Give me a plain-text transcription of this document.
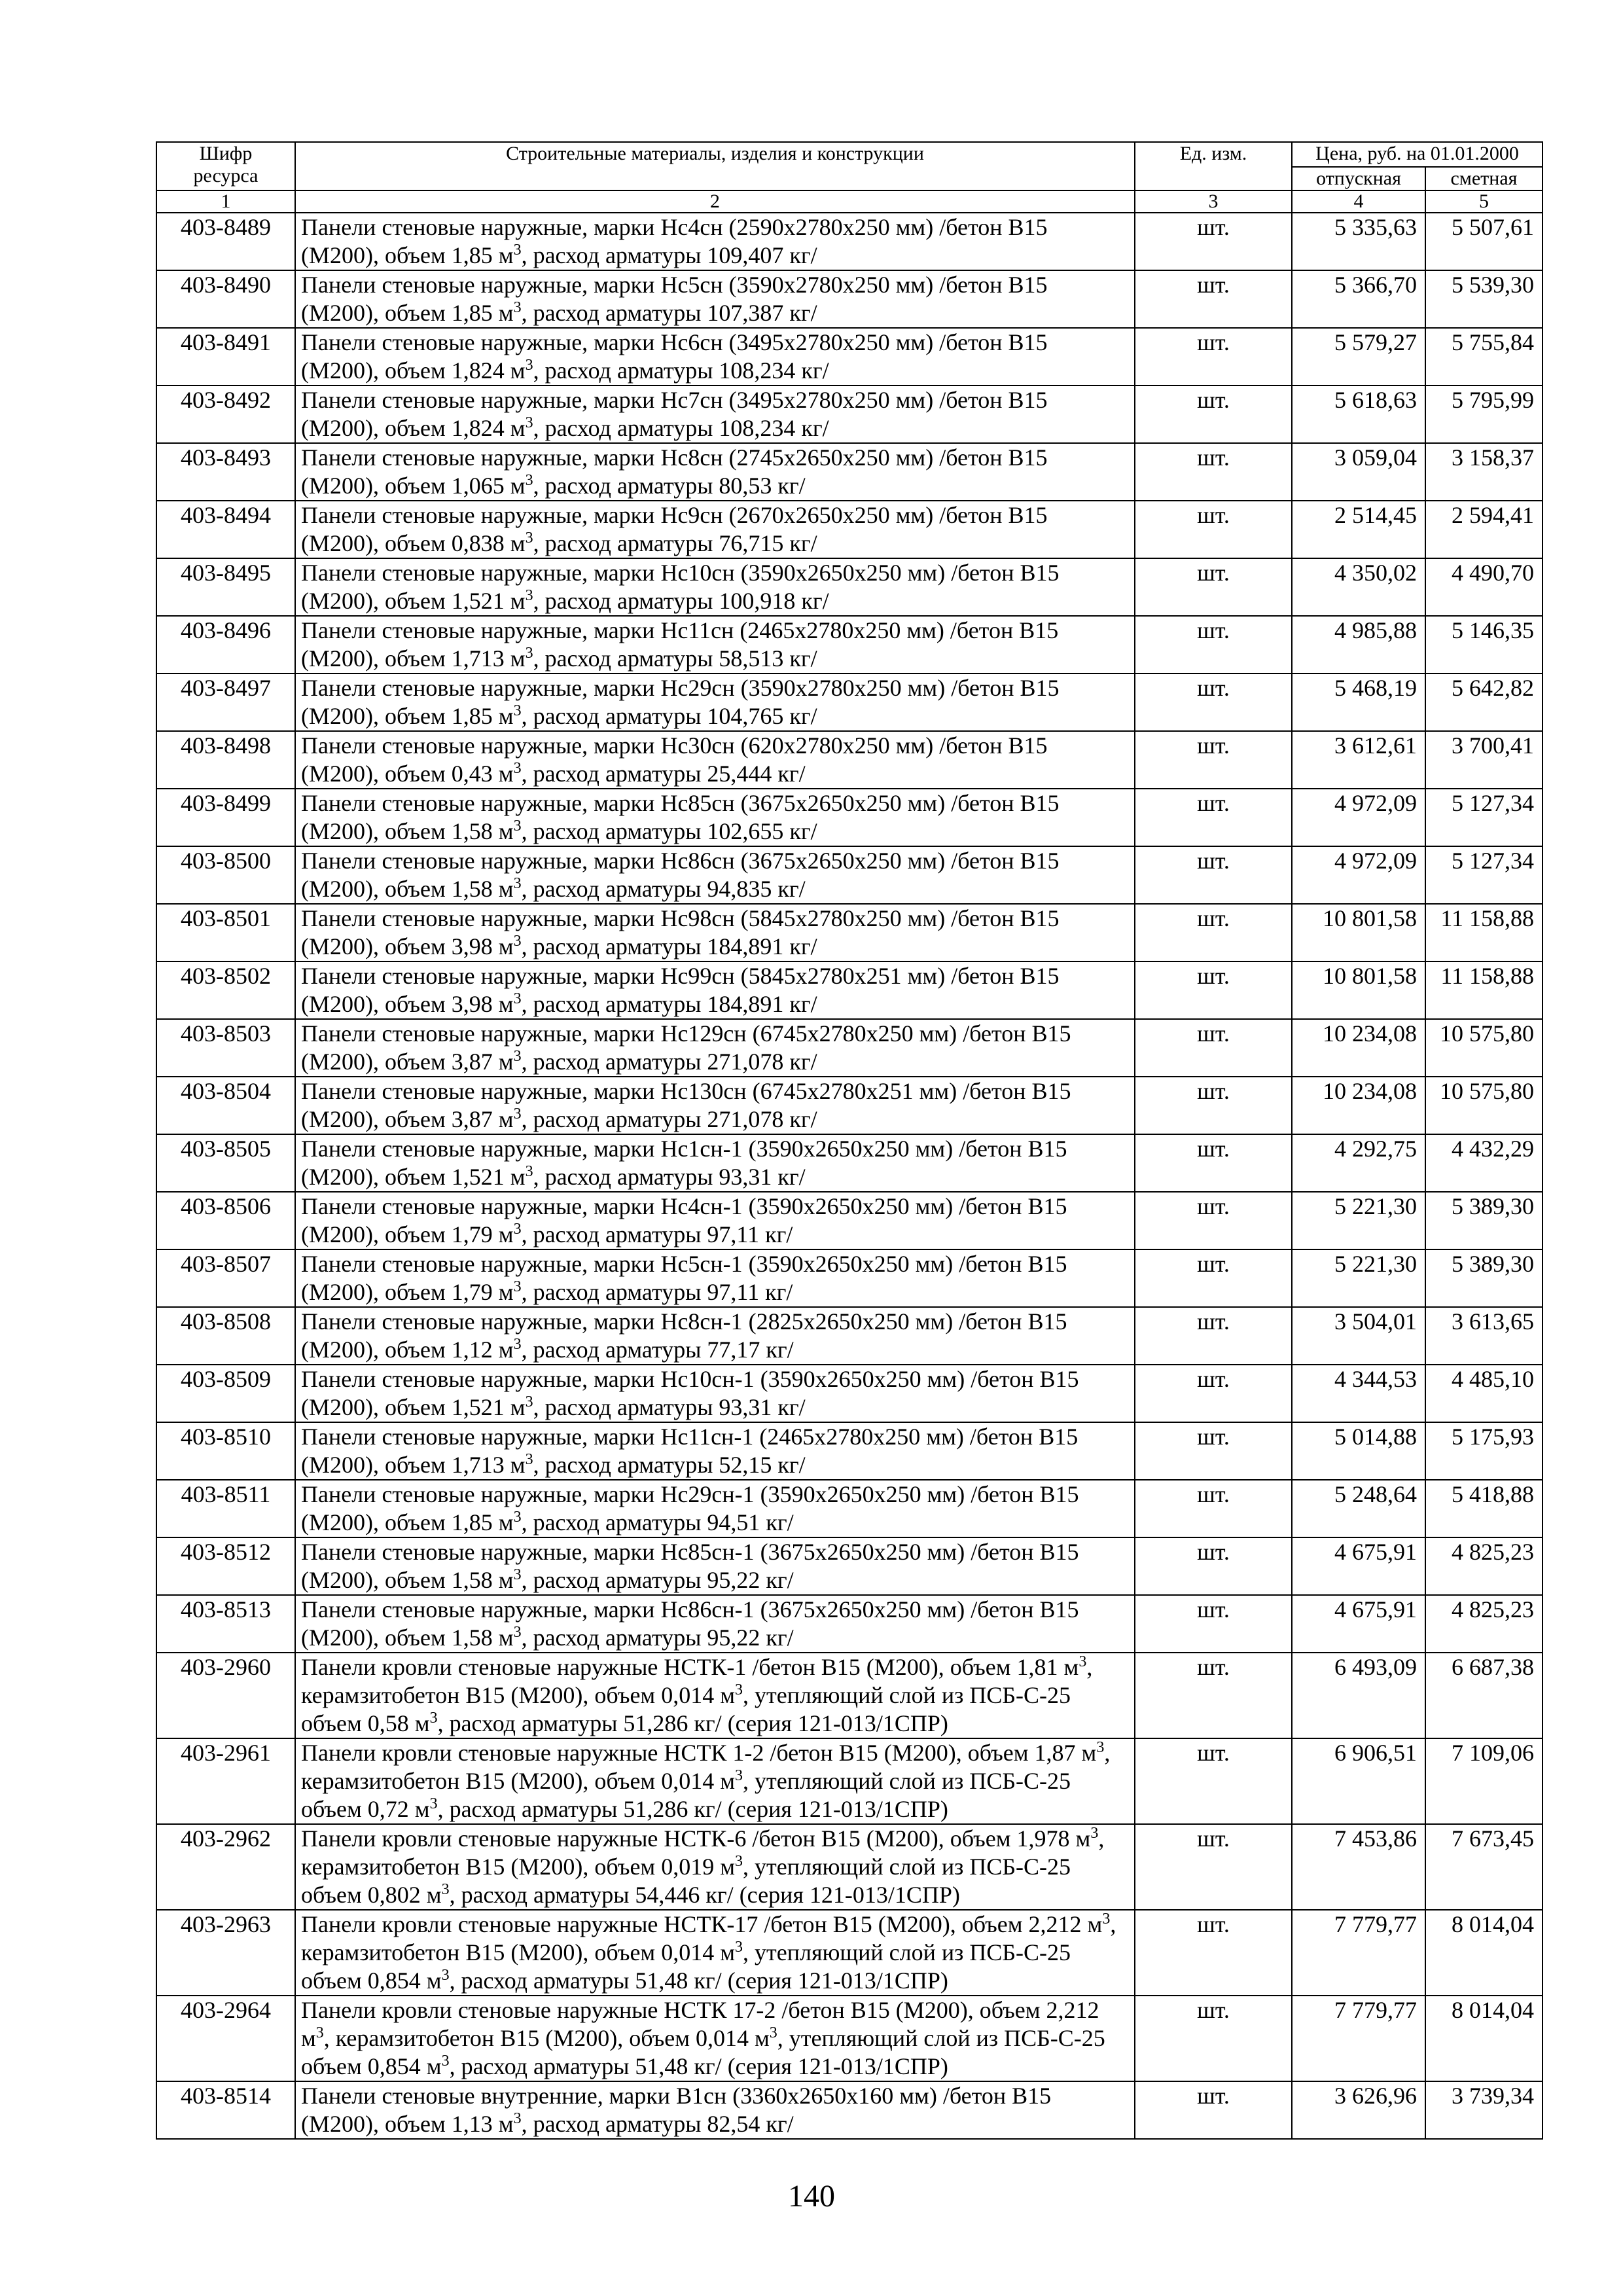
Шифр
ресурса	Строительные материалы, изделия и конструкции	Ед. изм.	Цена, руб. на 01.01.2000	
			отпускная	сметная
1	2	3	4	5
403-8489	Панели стеновые наружные, марки Нс4сн (2590х2780х250 мм) /бетон В15 (М200), объем 1,85 $м^3$, расход арматуры 109,407 кг/	шт.	5 335,63	5 507,61
403-8490	Панели стеновые наружные, марки Нс5сн (3590х2780х250 мм) /бетон В15 (М200), объем 1,85 $м^3$, расход арматуры 107,387 кг/	шт.	5 366,70	5 539,30
403-8491	Панели стеновые наружные, марки Нс6сн (3495х2780х250 мм) /бетон В15 (М200), объем 1,824 $м^3$, расход арматуры 108,234 кг/	шт.	5 579,27	5 755,84
403-8492	Панели стеновые наружные, марки Нс7сн (3495х2780х250 мм) /бетон В15 (М200), объем 1,824 $м^3$, расход арматуры 108,234 кг/	шт.	5 618,63	5 795,99
403-8493	Панели стеновые наружные, марки Нс8сн (2745х2650х250 мм) /бетон В15 (М200), объем 1,065 $м^3$, расход арматуры 80,53 кг/	шт.	3 059,04	3 158,37
403-8494	Панели стеновые наружные, марки Нс9сн (2670х2650х250 мм) /бетон В15 (М200), объем 0,838 $м^3$, расход арматуры 76,715 кг/	шт.	2 514,45	2 594,41
403-8495	Панели стеновые наружные, марки Нс10сн (3590х2650х250 мм) /бетон В15 (М200), объем 1,521 $м^3$, расход арматуры 100,918 кг/	шт.	4 350,02	4 490,70
403-8496	Панели стеновые наружные, марки Нс11сн (2465х2780х250 мм) /бетон В15 (М200), объем 1,713 $м^3$, расход арматуры 58,513 кг/	шт.	4 985,88	5 146,35
403-8497	Панели стеновые наружные, марки Нс29сн (3590х2780х250 мм) /бетон В15 (М200), объем 1,85 $м^3$, расход арматуры 104,765 кг/	шт.	5 468,19	5 642,82
403-8498	Панели стеновые наружные, марки Нс30сн (620х2780х250 мм) /бетон В15 (М200), объем 0,43 $м^3$, расход арматуры 25,444 кг/	шт.	3 612,61	3 700,41
403-8499	Панели стеновые наружные, марки Нс85сн (3675х2650х250 мм) /бетон В15 (М200), объем 1,58 $м^3$, расход арматуры 102,655 кг/	шт.	4 972,09	5 127,34
403-8500	Панели стеновые наружные, марки Нс86сн (3675х2650х250 мм) /бетон В15 (М200), объем 1,58 $м^3$, расход арматуры 94,835 кг/	шт.	4 972,09	5 127,34
403-8501	Панели стеновые наружные, марки Нс98сн (5845х2780х250 мм) /бетон В15 (М200), объем 3,98 $м^3$, расход арматуры 184,891 кг/	шт.	10 801,58	11 158,88
403-8502	Панели стеновые наружные, марки Нс99сн (5845х2780х251 мм) /бетон В15 (М200), объем 3,98 $м^3$, расход арматуры 184,891 кг/	шт.	10 801,58	11 158,88
403-8503	Панели стеновые наружные, марки Нс129сн (6745х2780х250 мм) /бетон В15 (М200), объем 3,87 $м^3$, расход арматуры 271,078 кг/	шт.	10 234,08	10 575,80
403-8504	Панели стеновые наружные, марки Нс130сн (6745х2780х251 мм) /бетон В15 (М200), объем 3,87 $м^3$, расход арматуры 271,078 кг/	шт.	10 234,08	10 575,80
403-8505	Панели стеновые наружные, марки Нс1сн-1 (3590х2650х250 мм) /бетон В15 (М200), объем 1,521 $м^3$, расход арматуры 93,31 кг/	шт.	4 292,75	4 432,29
403-8506	Панели стеновые наружные, марки Нс4сн-1 (3590х2650х250 мм) /бетон В15 (М200), объем 1,79 $м^3$, расход арматуры 97,11 кг/	шт.	5 221,30	5 389,30
403-8507	Панели стеновые наружные, марки Нс5сн-1 (3590х2650х250 мм) /бетон В15 (М200), объем 1,79 $м^3$, расход арматуры 97,11 кг/	шт.	5 221,30	5 389,30
403-8508	Панели стеновые наружные, марки Нс8сн-1 (2825х2650х250 мм) /бетон В15 (М200), объем 1,12 $м^3$, расход арматуры 77,17 кг/	шт.	3 504,01	3 613,65
403-8509	Панели стеновые наружные, марки Нс10сн-1 (3590х2650х250 мм) /бетон В15 (М200), объем 1,521 $м^3$, расход арматуры 93,31 кг/	шт.	4 344,53	4 485,10
403-8510	Панели стеновые наружные, марки Нс11сн-1 (2465х2780х250 мм) /бетон В15 (М200), объем 1,713 $м^3$, расход арматуры 52,15 кг/	шт.	5 014,88	5 175,93
403-8511	Панели стеновые наружные, марки Нс29сн-1 (3590х2650х250 мм) /бетон В15 (М200), объем 1,85 $м^3$, расход арматуры 94,51 кг/	шт.	5 248,64	5 418,88
403-8512	Панели стеновые наружные, марки Нс85сн-1 (3675х2650х250 мм) /бетон В15 (М200), объем 1,58 $м^3$, расход арматуры 95,22 кг/	шт.	4 675,91	4 825,23
403-8513	Панели стеновые наружные, марки Нс86сн-1 (3675х2650х250 мм) /бетон В15 (М200), объем 1,58 $м^3$, расход арматуры 95,22 кг/	шт.	4 675,91	4 825,23
403-2960	Панели кровли стеновые наружные НСТК-1 /бетон В15 (М200), объем 1,81 $м^3$, керамзитобетон В15 (М200), объем 0,014 $м^3$, утепляющий слой из ПСБ-С-25 объем 0,58 $м^3$, расход арматуры 51,286 кг/ (серия 121-013/1СПР)	шт.	6 493,09	6 687,38
403-2961	Панели кровли стеновые наружные НСТК 1-2 /бетон В15 (М200), объем 1,87 $м^3$, керамзитобетон В15 (М200), объем 0,014 $м^3$, утепляющий слой из ПСБ-С-25 объем 0,72 $м^3$, расход арматуры 51,286 кг/ (серия 121-013/1СПР)	шт.	6 906,51	7 109,06
403-2962	Панели кровли стеновые наружные НСТК-6 /бетон В15 (М200), объем 1,978 $м^3$, керамзитобетон В15 (М200), объем 0,019 $м^3$, утепляющий слой из ПСБ-С-25 объем 0,802 $м^3$, расход арматуры 54,446 кг/ (серия 121-013/1СПР)	шт.	7 453,86	7 673,45
403-2963	Панели кровли стеновые наружные НСТК-17 /бетон В15 (М200), объем 2,212 $м^3$, керамзитобетон В15 (М200), объем 0,014 $м^3$, утепляющий слой из ПСБ-С-25 объем 0,854 $м^3$, расход арматуры 51,48 кг/ (серия 121-013/1СПР)	шт.	7 779,77	8 014,04
403-2964	Панели кровли стеновые наружные НСТК 17-2 /бетон В15 (М200), объем 2,212 $м^3$, керамзитобетон В15 (М200), объем 0,014 $м^3$, утепляющий слой из ПСБ-С-25 объем 0,854 $м^3$, расход арматуры 51,48 кг/ (серия 121-013/1СПР)	шт.	7 779,77	8 014,04
403-8514	Панели стеновые внутренние, марки В1сн (3360х2650х160 мм) /бетон В15 (М200), объем 1,13 $м^3$, расход арматуры 82,54 кг/	шт.	3 626,96	3 739,34
140
